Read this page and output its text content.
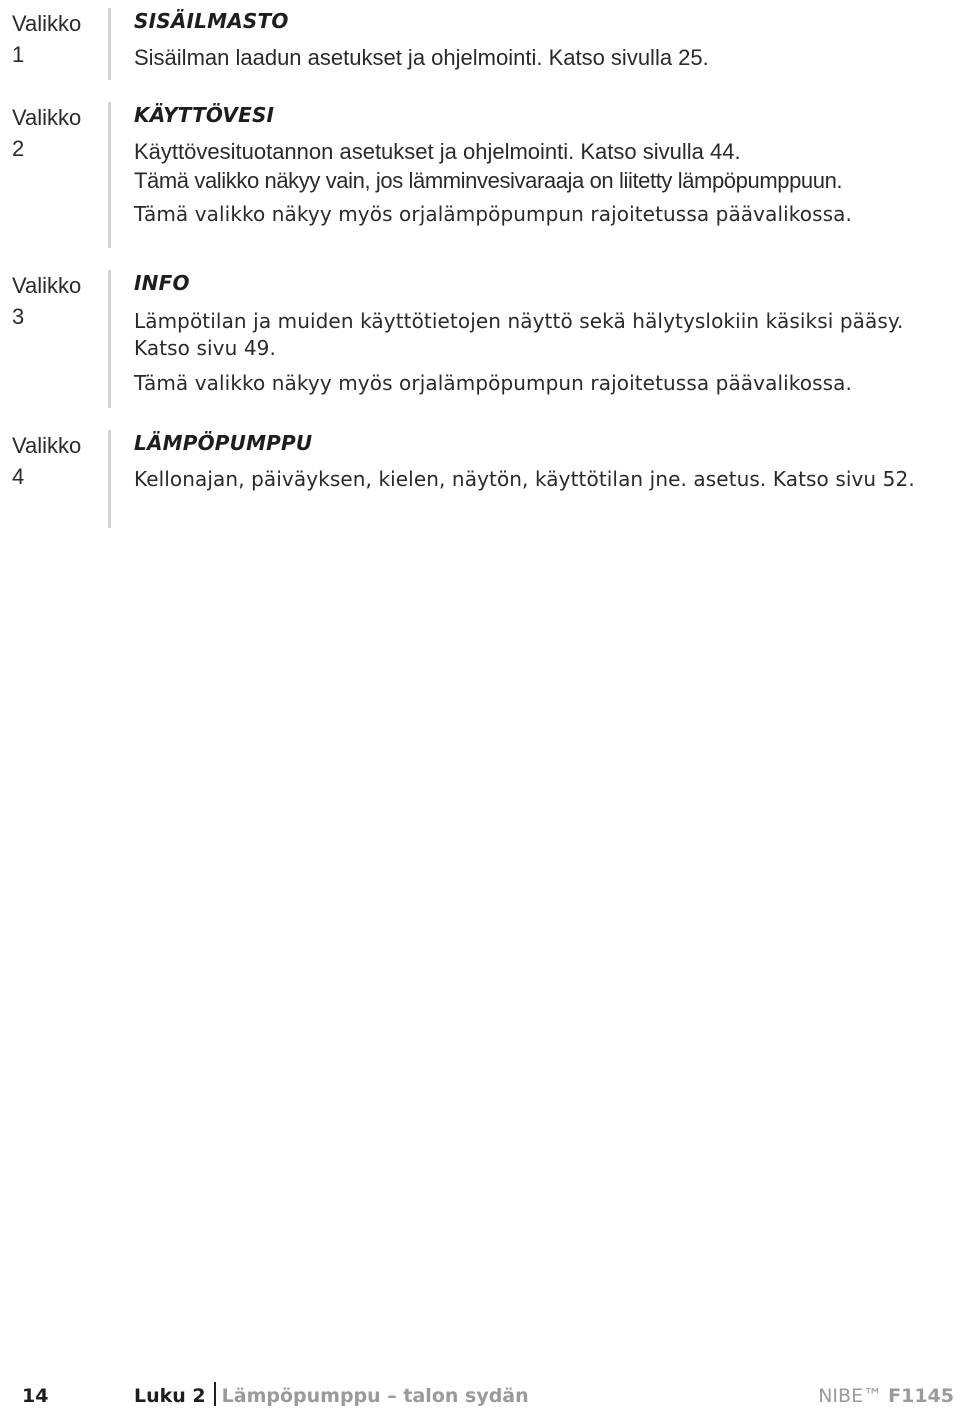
Valikko
1
SISÄILMASTO

Sisäilman laadun asetukset ja ohjelmointi. Katso sivulla 25.

Valikko
2
KÄYTTÖVESI

Käyttövesituotannon asetukset ja ohjelmointi. Katso sivulla 44.

Tämä valikko näkyy vain, jos lämminvesivaraaja on liitetty lämpöpumppuun.

Tämä valikko näkyy myös orjalämpöpumpun rajoitetussa päävalikossa.

Valikko
3
INFO

Lämpötilan ja muiden käyttötietojen näyttö sekä hälytyslokiin käsiksi pääsy. Katso sivu 49.

Tämä valikko näkyy myös orjalämpöpumpun rajoitetussa päävalikossa.

Valikko
4
LÄMPÖPUMPPU

Kellonajan, päiväyksen, kielen, näytön, käyttötilan jne. asetus. Katso sivu 52.

14	Luku 2 Lämpöpumppu – talon sydän	NIBE™ F1145
